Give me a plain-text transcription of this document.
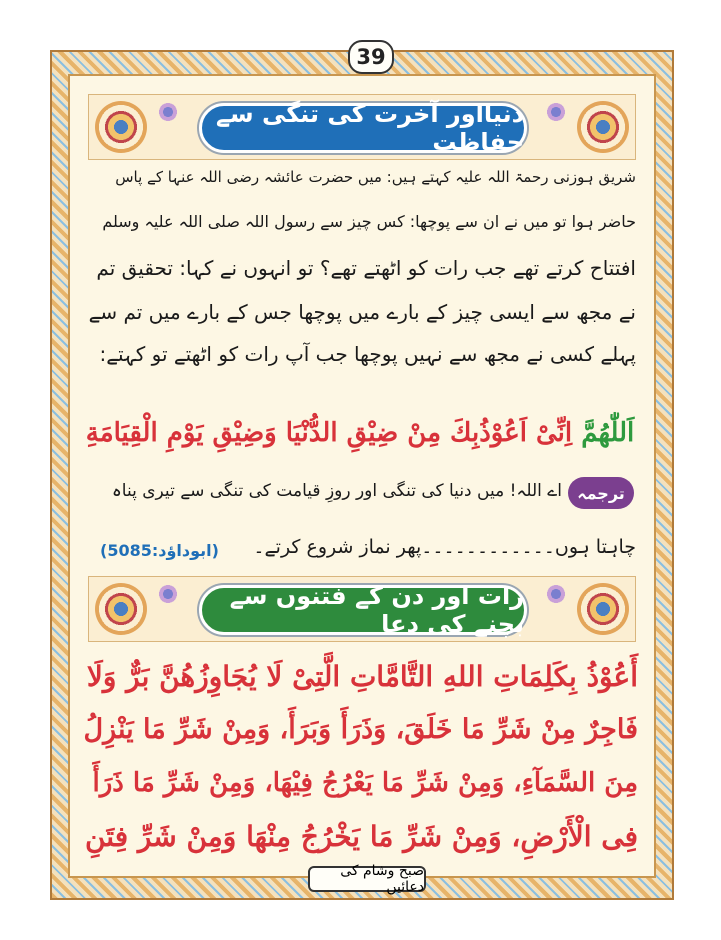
39
دنیااور آخرت کی تنگی سے حفاظت
شریق ہوزنی رحمۃ اللہ علیہ کہتے ہیں: میں حضرت عائشہ رضی اللہ عنہا کے پاس
حاضر ہوا تو میں نے ان سے پوچھا: کس چیز سے رسول اللہ صلی اللہ علیہ وسلم
افتتاح کرتے تھے جب رات کو اٹھتے تھے؟ تو انہوں نے کہا: تحقیق تم
نے مجھ سے ایسی چیز کے بارے میں پوچھا جس کے بارے میں تم سے
پہلے کسی نے مجھ سے نہیں پوچھا جب آپ رات کو اٹھتے تو کہتے:
اَللّٰهُمَّ اِنِّیْ اَعُوْذُبِكَ مِنْ ضِیْقِ الدُّنْیَا وَضِیْقِ یَوْمِ الْقِیَامَةِ
ترجمہ
اے اللہ! میں دنیا کی تنگی اور روزِ قیامت کی تنگی سے تیری پناہ
چاہتا ہوں۔۔۔۔۔۔۔۔۔۔۔۔پھر نماز شروع کرتے۔
(ابوداؤد:5085)
رات اور دن کے فتنوں سے بچنے کی دعا
أَعُوْذُ بِكَلِمَاتِ اللهِ التَّامَّاتِ الَّتِیْ لَا یُجَاوِزُهُنَّ بَرٌّ وَلَا
فَاجِرٌ مِنْ شَرِّ مَا خَلَقَ، وَذَرَأَ وَبَرَأَ، وَمِنْ شَرِّ مَا یَنْزِلُ
مِنَ السَّمَآءِ، وَمِنْ شَرِّ مَا یَعْرُجُ فِیْهَا، وَمِنْ شَرِّ مَا ذَرَأَ
فِی الْأَرْضِ، وَمِنْ شَرِّ مَا یَخْرُجُ مِنْهَا وَمِنْ شَرِّ فِتَنِ
صبح وشام کی دعائیں
